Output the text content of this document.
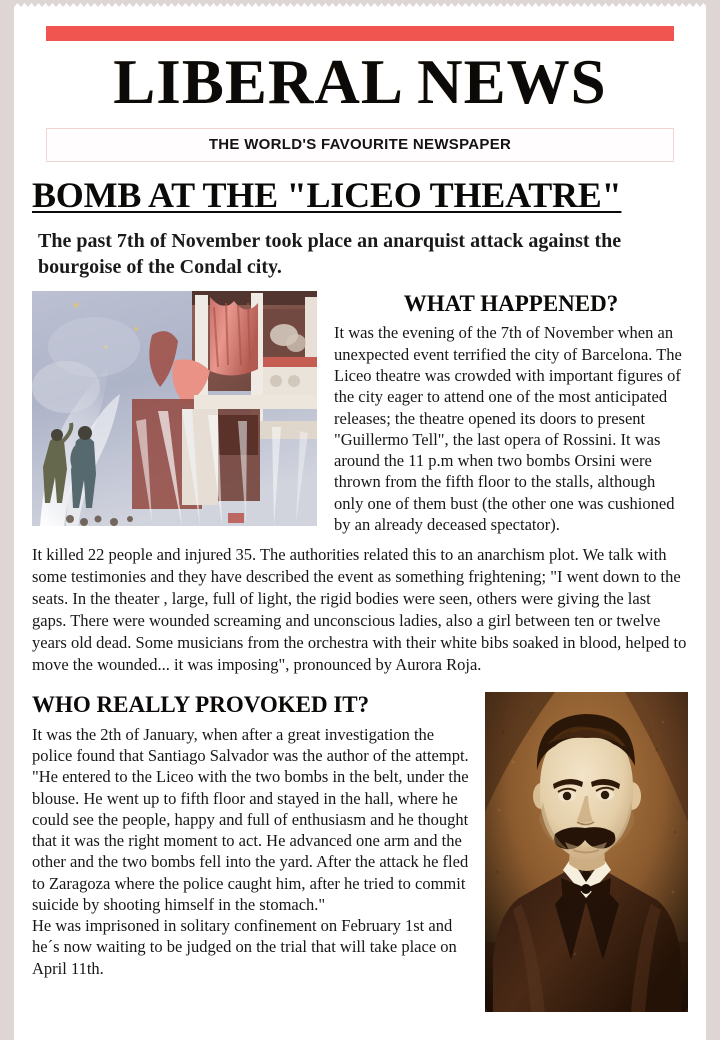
LIBERAL NEWS
THE WORLD'S FAVOURITE NEWSPAPER
BOMB AT THE "LICEO THEATRE"
The past 7th of November took place an anarquist attack against the bourgoise of the Condal city.
WHAT HAPPENED?

It was the evening of the 7th of November when an unexpected event terrified the city of Barcelona. The Liceo theatre was crowded with important figures of the city eager to attend one of the most anticipated releases; the theatre opened its doors to present "Guillermo Tell", the last opera of Rossini. It was around the 11 p.m when two bombs Orsini were thrown from the fifth floor to the stalls, although only one of them bust (the other one was cushioned by an already deceased spectator).

It killed 22 people and injured 35. The authorities related this to an anarchism plot. We talk with some testimonies and they have described the event as something frightening; "I went down to the seats. In the theater , large, full of light, the rigid bodies were seen, others were giving the last gaps. There were wounded screaming and unconscious ladies, also a girl between ten or twelve years old dead. Some musicians from the orchestra with their white bibs soaked in blood, helped to move the wounded... it was imposing", pronounced by Aurora Roja.

WHO REALLY PROVOKED IT?

It was the 2th of January, when after a great investigation the police found that Santiago Salvador was the author of the attempt.

"He entered to the Liceo with the two bombs in the belt, under the blouse. He went up to fifth floor and stayed in the hall, where he could see the people, happy and full of enthusiasm and he thought that it was the right moment to act. He advanced one arm and the other and the two bombs fell into the yard. After the attack he fled to Zaragoza where the police caught him, after he tried to commit suicide by shooting himself in the stomach."

He was imprisoned in solitary confinement on February 1st and he´s now waiting to be judged on the trial that will take place on April 11th.
